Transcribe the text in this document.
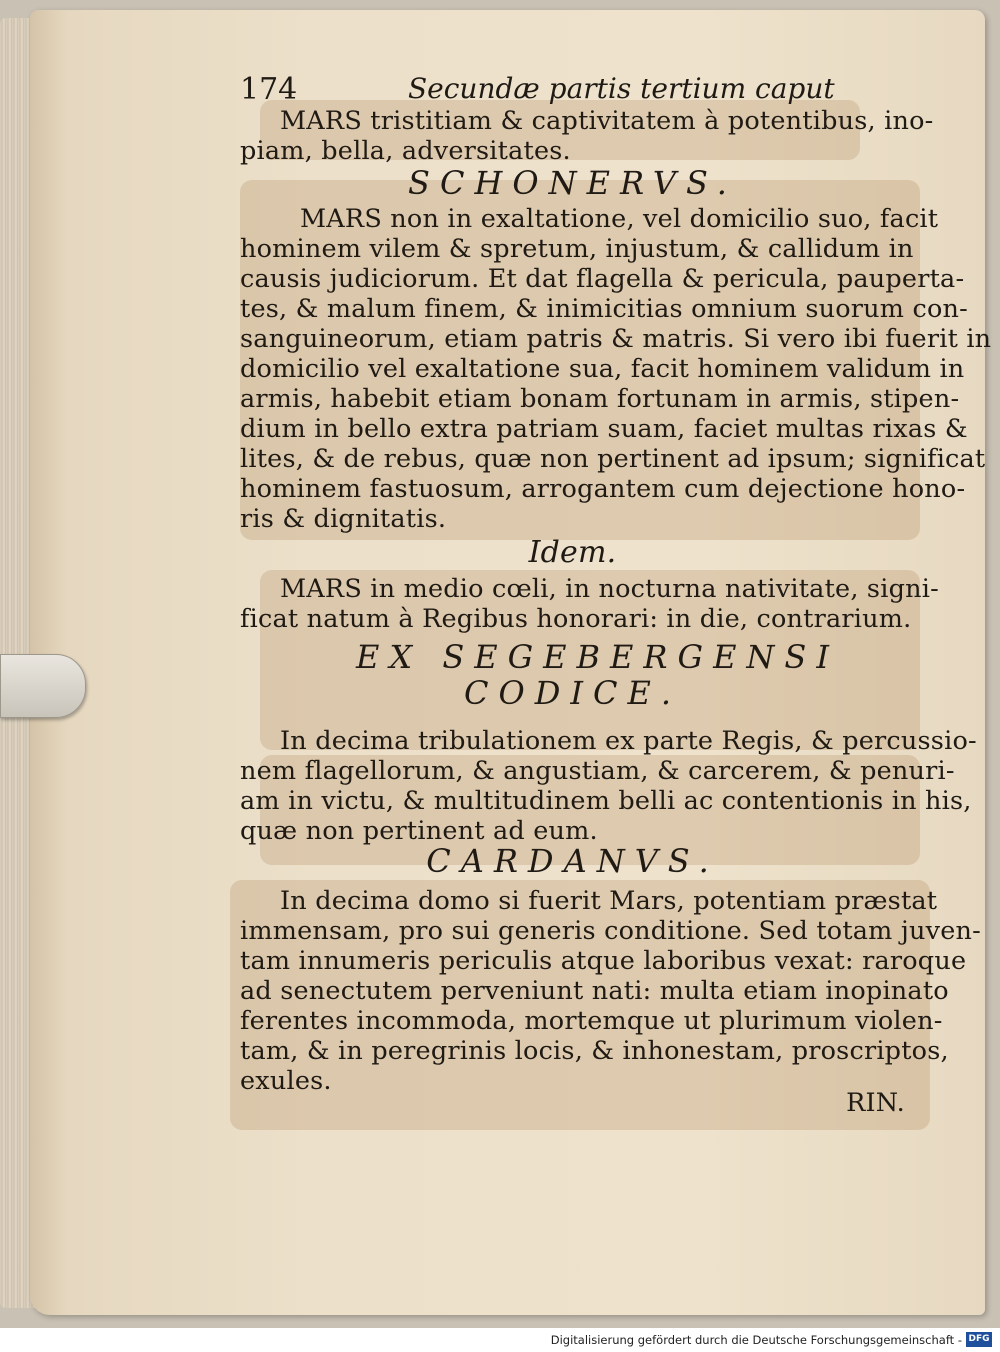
174	Secundæ partis tertium caput
MARS tristitiam & captivitatem à potentibus, ino-
piam, bella, adversitates.
SCHONERVS.
MARS non in exaltatione, vel domicilio suo, facit
hominem vilem & spretum, injustum, & callidum in
causis judiciorum. Et dat flagella & pericula, pauperta-
tes, & malum finem, & inimicitias omnium suorum con-
sanguineorum, etiam patris & matris. Si vero ibi fuerit in
domicilio vel exaltatione sua, facit hominem validum in
armis, habebit etiam bonam fortunam in armis, stipen-
dium in bello extra patriam suam, faciet multas rixas &
lites, & de rebus, quæ non pertinent ad ipsum; significat
hominem fastuosum, arrogantem cum dejectione hono-
ris & dignitatis.
Idem.
MARS in medio cœli, in nocturna nativitate, signi-
ficat natum à Regibus honorari: in die, contrarium.
EX SEGEBERGENSI
CODICE.
In decima tribulationem ex parte Regis, & percussio-
nem flagellorum, & angustiam, & carcerem, & penuri-
am in victu, & multitudinem belli ac contentionis in his,
quæ non pertinent ad eum.
CARDANVS.
In decima domo si fuerit Mars, potentiam præstat
immensam, pro sui generis conditione. Sed totam juven-
tam innumeris periculis atque laboribus vexat: raroque
ad senectutem perveniunt nati: multa etiam inopinato
ferentes incommoda, mortemque ut plurimum violen-
tam, & in peregrinis locis, & inhonestam, proscriptos,
exules.
RIN.
Digitalisierung gefördert durch die Deutsche Forschungsgemeinschaft - DFG
